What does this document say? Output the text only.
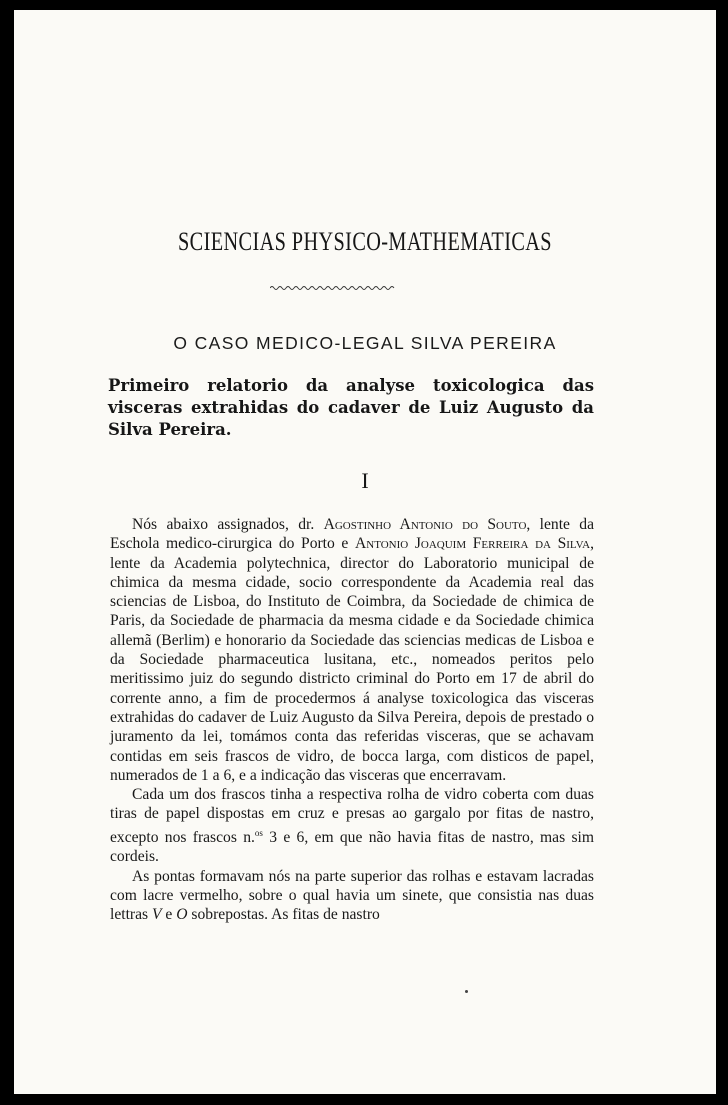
SCIENCIAS PHYSICO-MATHEMATICAS
O CASO MEDICO-LEGAL SILVA PEREIRA
Primeiro relatorio da analyse toxicologica das visceras extrahidas do cadaver de Luiz Augusto da Silva Pereira.
I

Nós abaixo assignados, dr. Agostinho Antonio do Souto, lente da Eschola medico-cirurgica do Porto e Antonio Joaquim Ferreira da Silva, lente da Academia polytechnica, director do Laboratorio municipal de chimica da mesma cidade, socio correspondente da Academia real das sciencias de Lisboa, do Instituto de Coimbra, da Sociedade de chimica de Paris, da Sociedade de pharmacia da mesma cidade e da Sociedade chimica allemã (Berlim) e honorario da Sociedade das sciencias medicas de Lisboa e da Sociedade pharmaceutica lusitana, etc., nomeados peritos pelo meritissimo juiz do segundo districto criminal do Porto em 17 de abril do corrente anno, a fim de procedermos á analyse toxicologica das visceras extrahidas do cadaver de Luiz Augusto da Silva Pereira, depois de prestado o juramento da lei, tomámos conta das referidas visceras, que se achavam contidas em seis frascos de vidro, de bocca larga, com disticos de papel, numerados de 1 a 6, e a indicação das visceras que encerravam.

Cada um dos frascos tinha a respectiva rolha de vidro coberta com duas tiras de papel dispostas em cruz e presas ao gargalo por fitas de nastro, excepto nos frascos n.$^{os}$ 3 e 6, em que não havia fitas de nastro, mas sim cordeis.

As pontas formavam nós na parte superior das rolhas e estavam lacradas com lacre vermelho, sobre o qual havia um sinete, que consistia nas duas lettras V e O sobrepostas. As fitas de nastro
